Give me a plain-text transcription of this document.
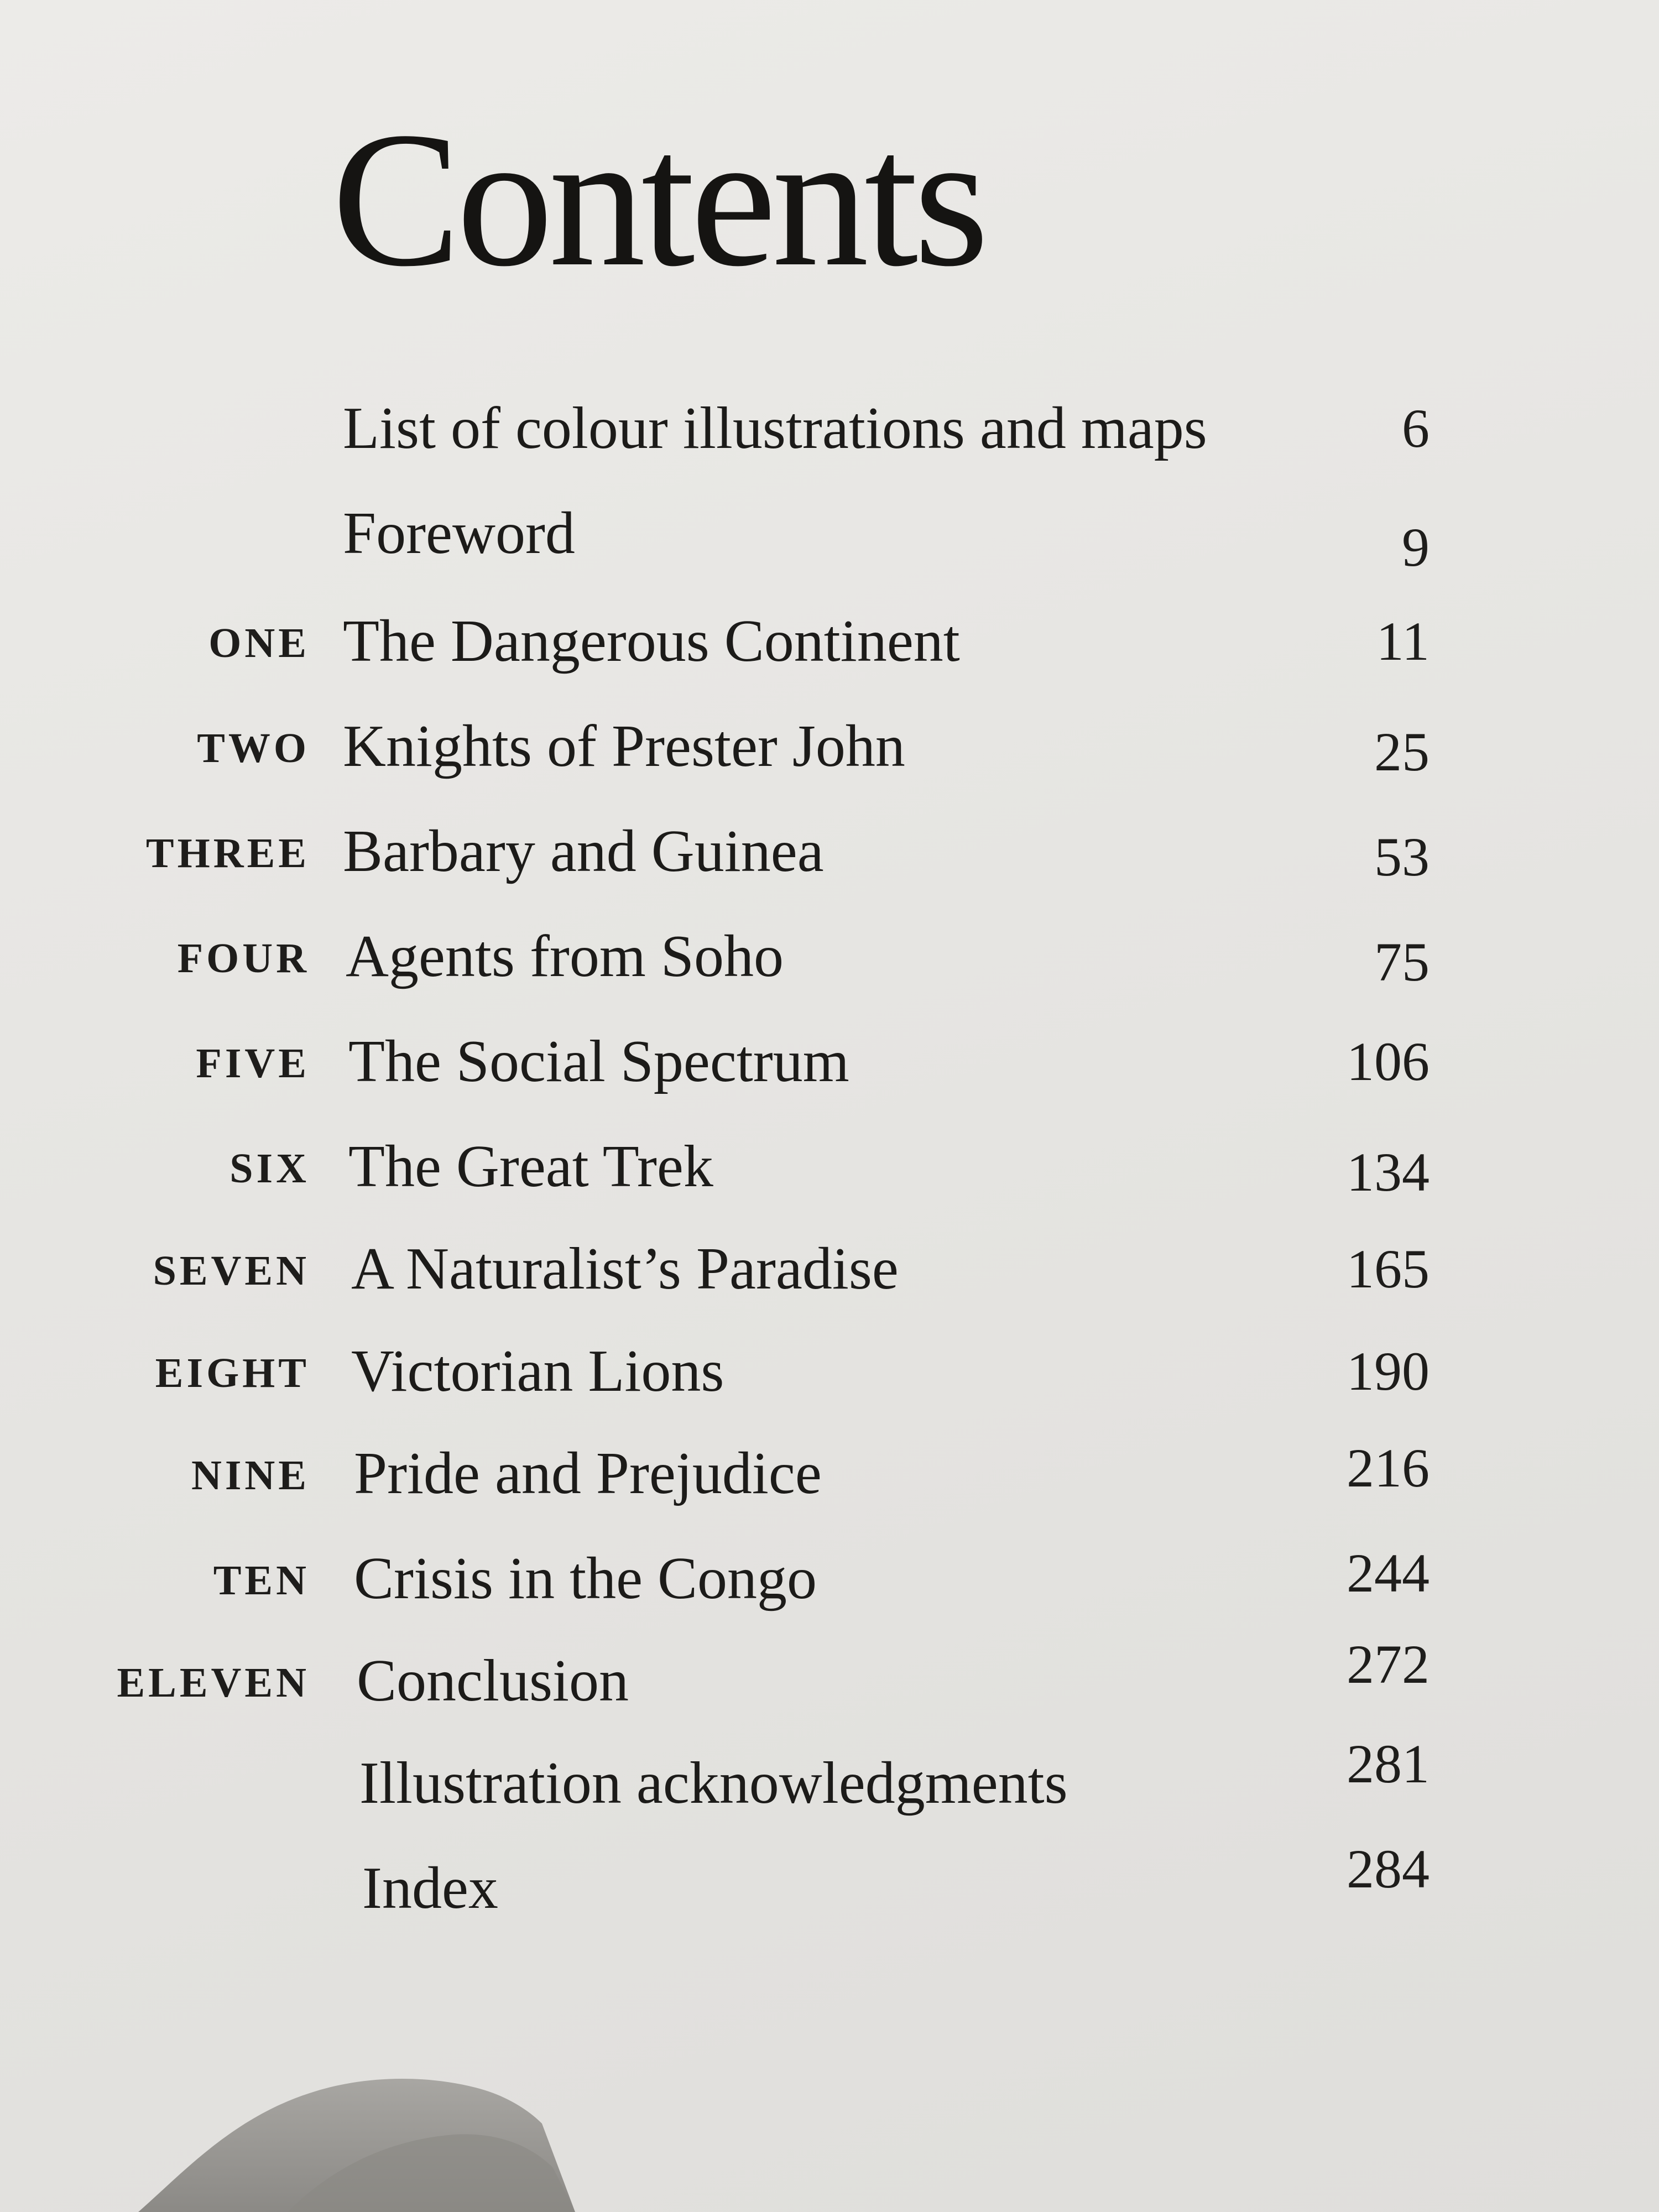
Contents
List of colour illustrations and maps	6
Foreword	9
ONE The Dangerous Continent	11
TWO Knights of Prester John	25
THREE Barbary and Guinea	53
FOUR Agents from Soho	75
FIVE The Social Spectrum	106
SIX The Great Trek	134
SEVEN A Naturalist’s Paradise	165
EIGHT Victorian Lions	190
NINE Pride and Prejudice	216
TEN Crisis in the Congo	244
ELEVEN Conclusion	272
Illustration acknowledgments	281
Index	284
